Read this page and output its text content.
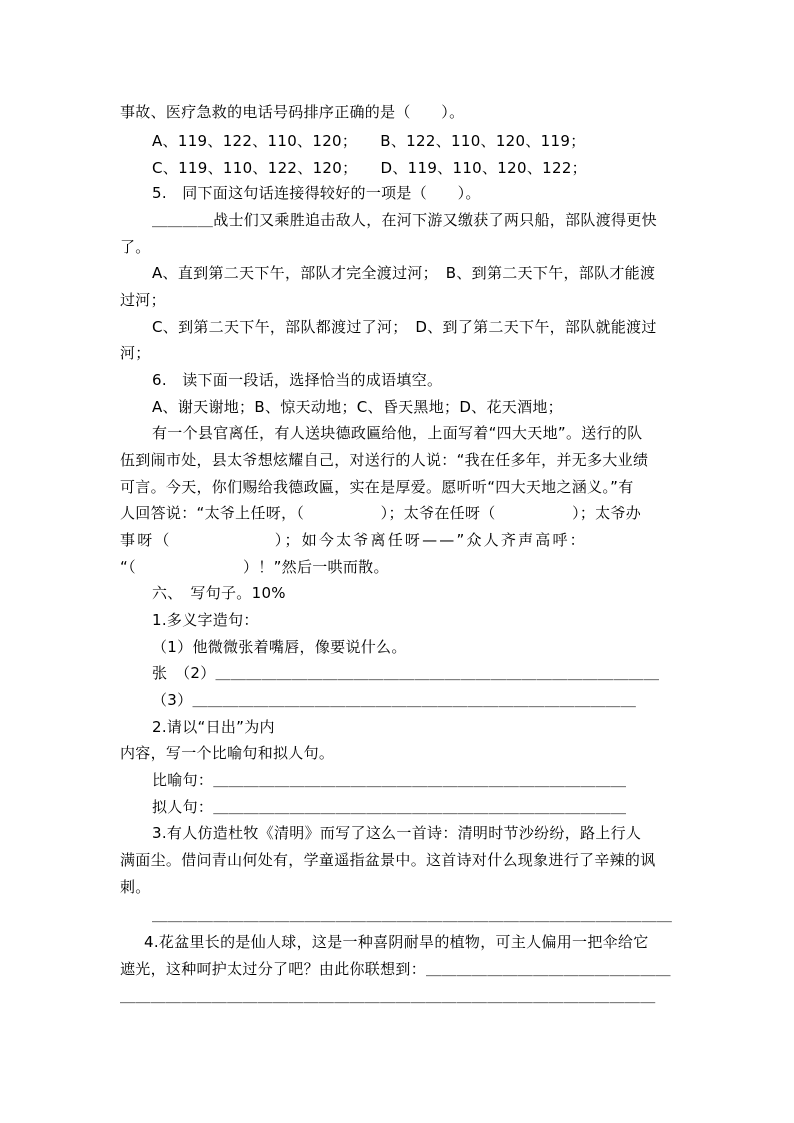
事故、医疗急救的电话号码排序正确的是（　　）。
A、119、122、110、120；　　B、122、110、120、119；
C、119、110、122、120；　　D、119、110、120、122；
5.　同下面这句话连接得较好的一项是（　　）。
＿＿＿＿战士们又乘胜追击敌人，在河下游又缴获了两只船，部队渡得更快
了。
A、直到第二天下午，部队才完全渡过河；　B、到第二天下午，部队才能渡
过河；
C、到第二天下午，部队都渡过了河；　D、到了第二天下午，部队就能渡过
河；
6.　读下面一段话，选择恰当的成语填空。
A、谢天谢地；B、惊天动地；C、昏天黑地；D、花天酒地；
有一个县官离任，有人送块德政匾给他，上面写着“四大天地”。送行的队
伍到闹市处，县太爷想炫耀自己，对送行的人说：“我在任多年，并无多大业绩
可言。今天，你们赐给我德政匾，实在是厚爱。愿听听“四大天地之涵义。”有
人回答说：“太爷上任呀，（　　　　　）；太爷在任呀（　　　　　）；太爷办
事呀（　　　　　　）；如今太爷离任呀——”众人齐声高呼：
“（　　　　　　　）！”然后一哄而散。
六、　写句子。10%
1.多义字造句：
（1）他微微张着嘴唇，像要说什么。
张　（2）＿＿＿＿＿＿＿＿＿＿＿＿＿＿＿＿＿＿＿＿＿＿＿＿＿＿＿＿＿
（3）＿＿＿＿＿＿＿＿＿＿＿＿＿＿＿＿＿＿＿＿＿＿＿＿＿＿＿＿＿
2.请以“日出”为内
内容，写一个比喻句和拟人句。
比喻句：＿＿＿＿＿＿＿＿＿＿＿＿＿＿＿＿＿＿＿＿＿＿＿＿＿＿＿
拟人句：＿＿＿＿＿＿＿＿＿＿＿＿＿＿＿＿＿＿＿＿＿＿＿＿＿＿＿
3.有人仿造杜牧《清明》而写了这么一首诗：清明时节沙纷纷，路上行人
满面尘。借问青山何处有，学童遥指盆景中。这首诗对什么现象进行了辛辣的讽
刺。
＿＿＿＿＿＿＿＿＿＿＿＿＿＿＿＿＿＿＿＿＿＿＿＿＿＿＿＿＿＿＿＿＿＿
4.花盆里长的是仙人球，这是一种喜阴耐旱的植物，可主人偏用一把伞给它
遮光，这种呵护太过分了吧？由此你联想到：＿＿＿＿＿＿＿＿＿＿＿＿＿＿＿＿
＿＿＿＿＿＿＿＿＿＿＿＿＿＿＿＿＿＿＿＿＿＿＿＿＿＿＿＿＿＿＿＿＿＿＿
